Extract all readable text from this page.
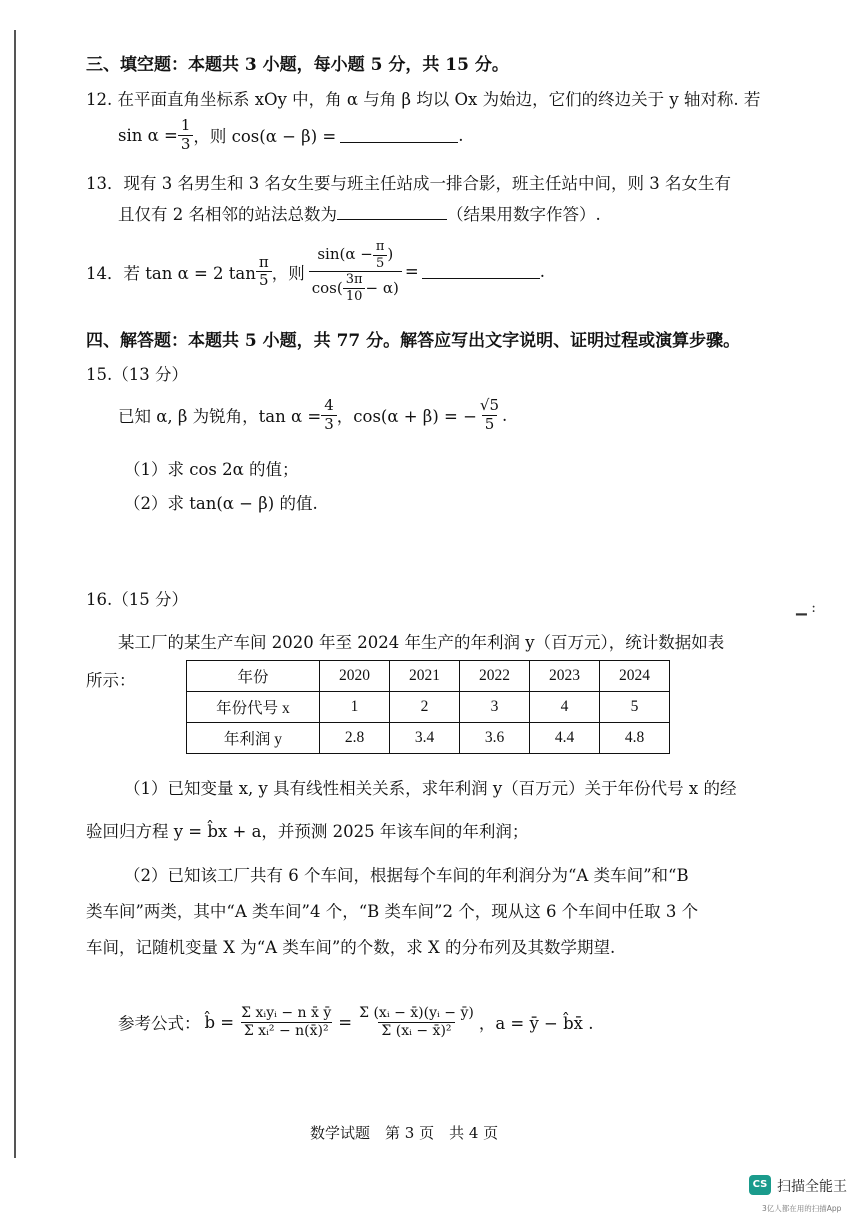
▁ :
三、填空题：本题共 3 小题，每小题 5 分，共 15 分。
12. 在平面直角坐标系 xOy 中，角 α 与角 β 均以 Ox 为始边，它们的终边关于 y 轴对称. 若
$\sin \alpha = \frac{1}{3}$ ，则 cos(α − β) =	.
13．现有 3 名男生和 3 名女生要与班主任站成一排合影，班主任站中间，则 3 名女生有
且仅有 2 名相邻的站法总数为	（结果用数字作答）.
14．若 tan α = 2 $\tan \frac{\pi}{5}$ ，则 $\frac{\sin(\alpha - \frac{\pi}{5} )}{\cos( \frac{3\pi}{10} - \alpha)}$ =	.
四、解答题：本题共 5 小题，共 77 分。解答应写出文字说明、证明过程或演算步骤。
15.（13 分）
已知 α, β 为锐角，$\tan \alpha = \frac{4}{3}$ ，cos(α + β) = − $\frac{√5}{5}$ .
（1）求 cos 2α 的值；
（2）求 tan(α − β) 的值.
16.（15 分）
某工厂的某生产车间 2020 年至 2024 年生产的年利润 y（百万元），统计数据如表
所示：	年份	2020	2021	2022	2023	2024
年份代号 x	1	2	3	4	5
年利润 y	2.8	3.4	3.6	4.4	4.8
（1）已知变量 x, y 具有线性相关关系，求年利润 y（百万元）关于年份代号 x 的经
验回归方程 y = b̂x + a，并预测 2025 年该车间的年利润；
（2）已知该工厂共有 6 个车间，根据每个车间的年利润分为“A 类车间”和“B
类车间”两类，其中“A 类车间”4 个，“B 类车间”2 个，现从这 6 个车间中任取 3 个
车间，记随机变量 X 为“A 类车间”的个数，求 X 的分布列及其数学期望.
参考公式： b̂ = $\frac{\text{Σ xᵢyᵢ − n x̄ ȳ}}{\text{Σ xᵢ² − n(x̄)²}} = \frac{\text{Σ (xᵢ − x̄)(yᵢ − ȳ)}}{\text{Σ (xᵢ − x̄)²}}$ ，a = ȳ − b̂x̄ .
数学试题　第 3 页　共 4 页
CS 扫描全能王
3亿人都在用的扫描App
